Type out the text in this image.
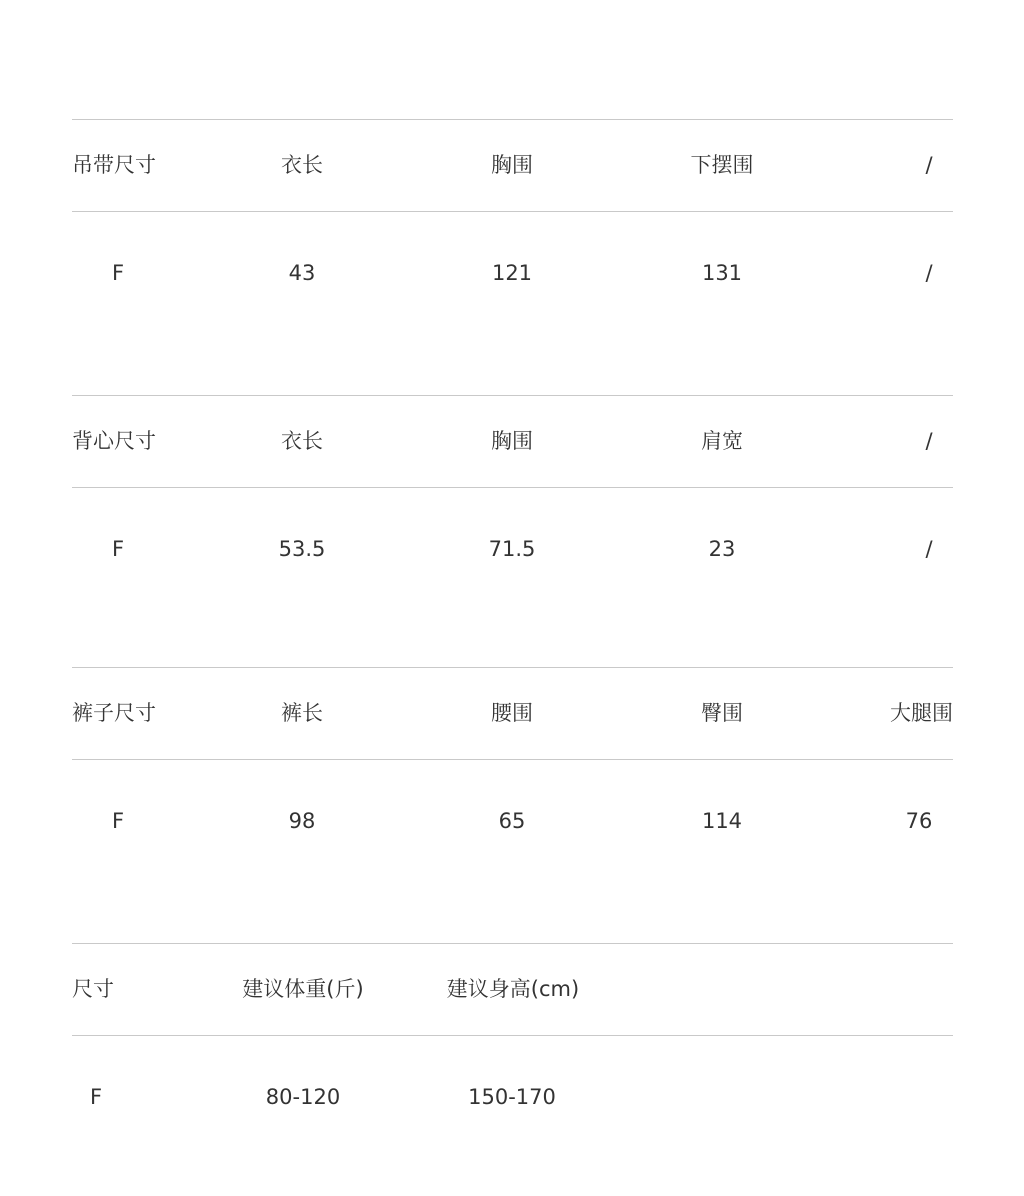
吊带尺寸	衣长	胸围	下摆围	/
F	43	121	131	/
背心尺寸	衣长	胸围	肩宽	/
F	53.5	71.5	23	/
裤子尺寸	裤长	腰围	臀围	大腿围
F	98	65	114	76
尺寸	建议体重(斤)	建议身高(cm)
F	80-120	150-170
